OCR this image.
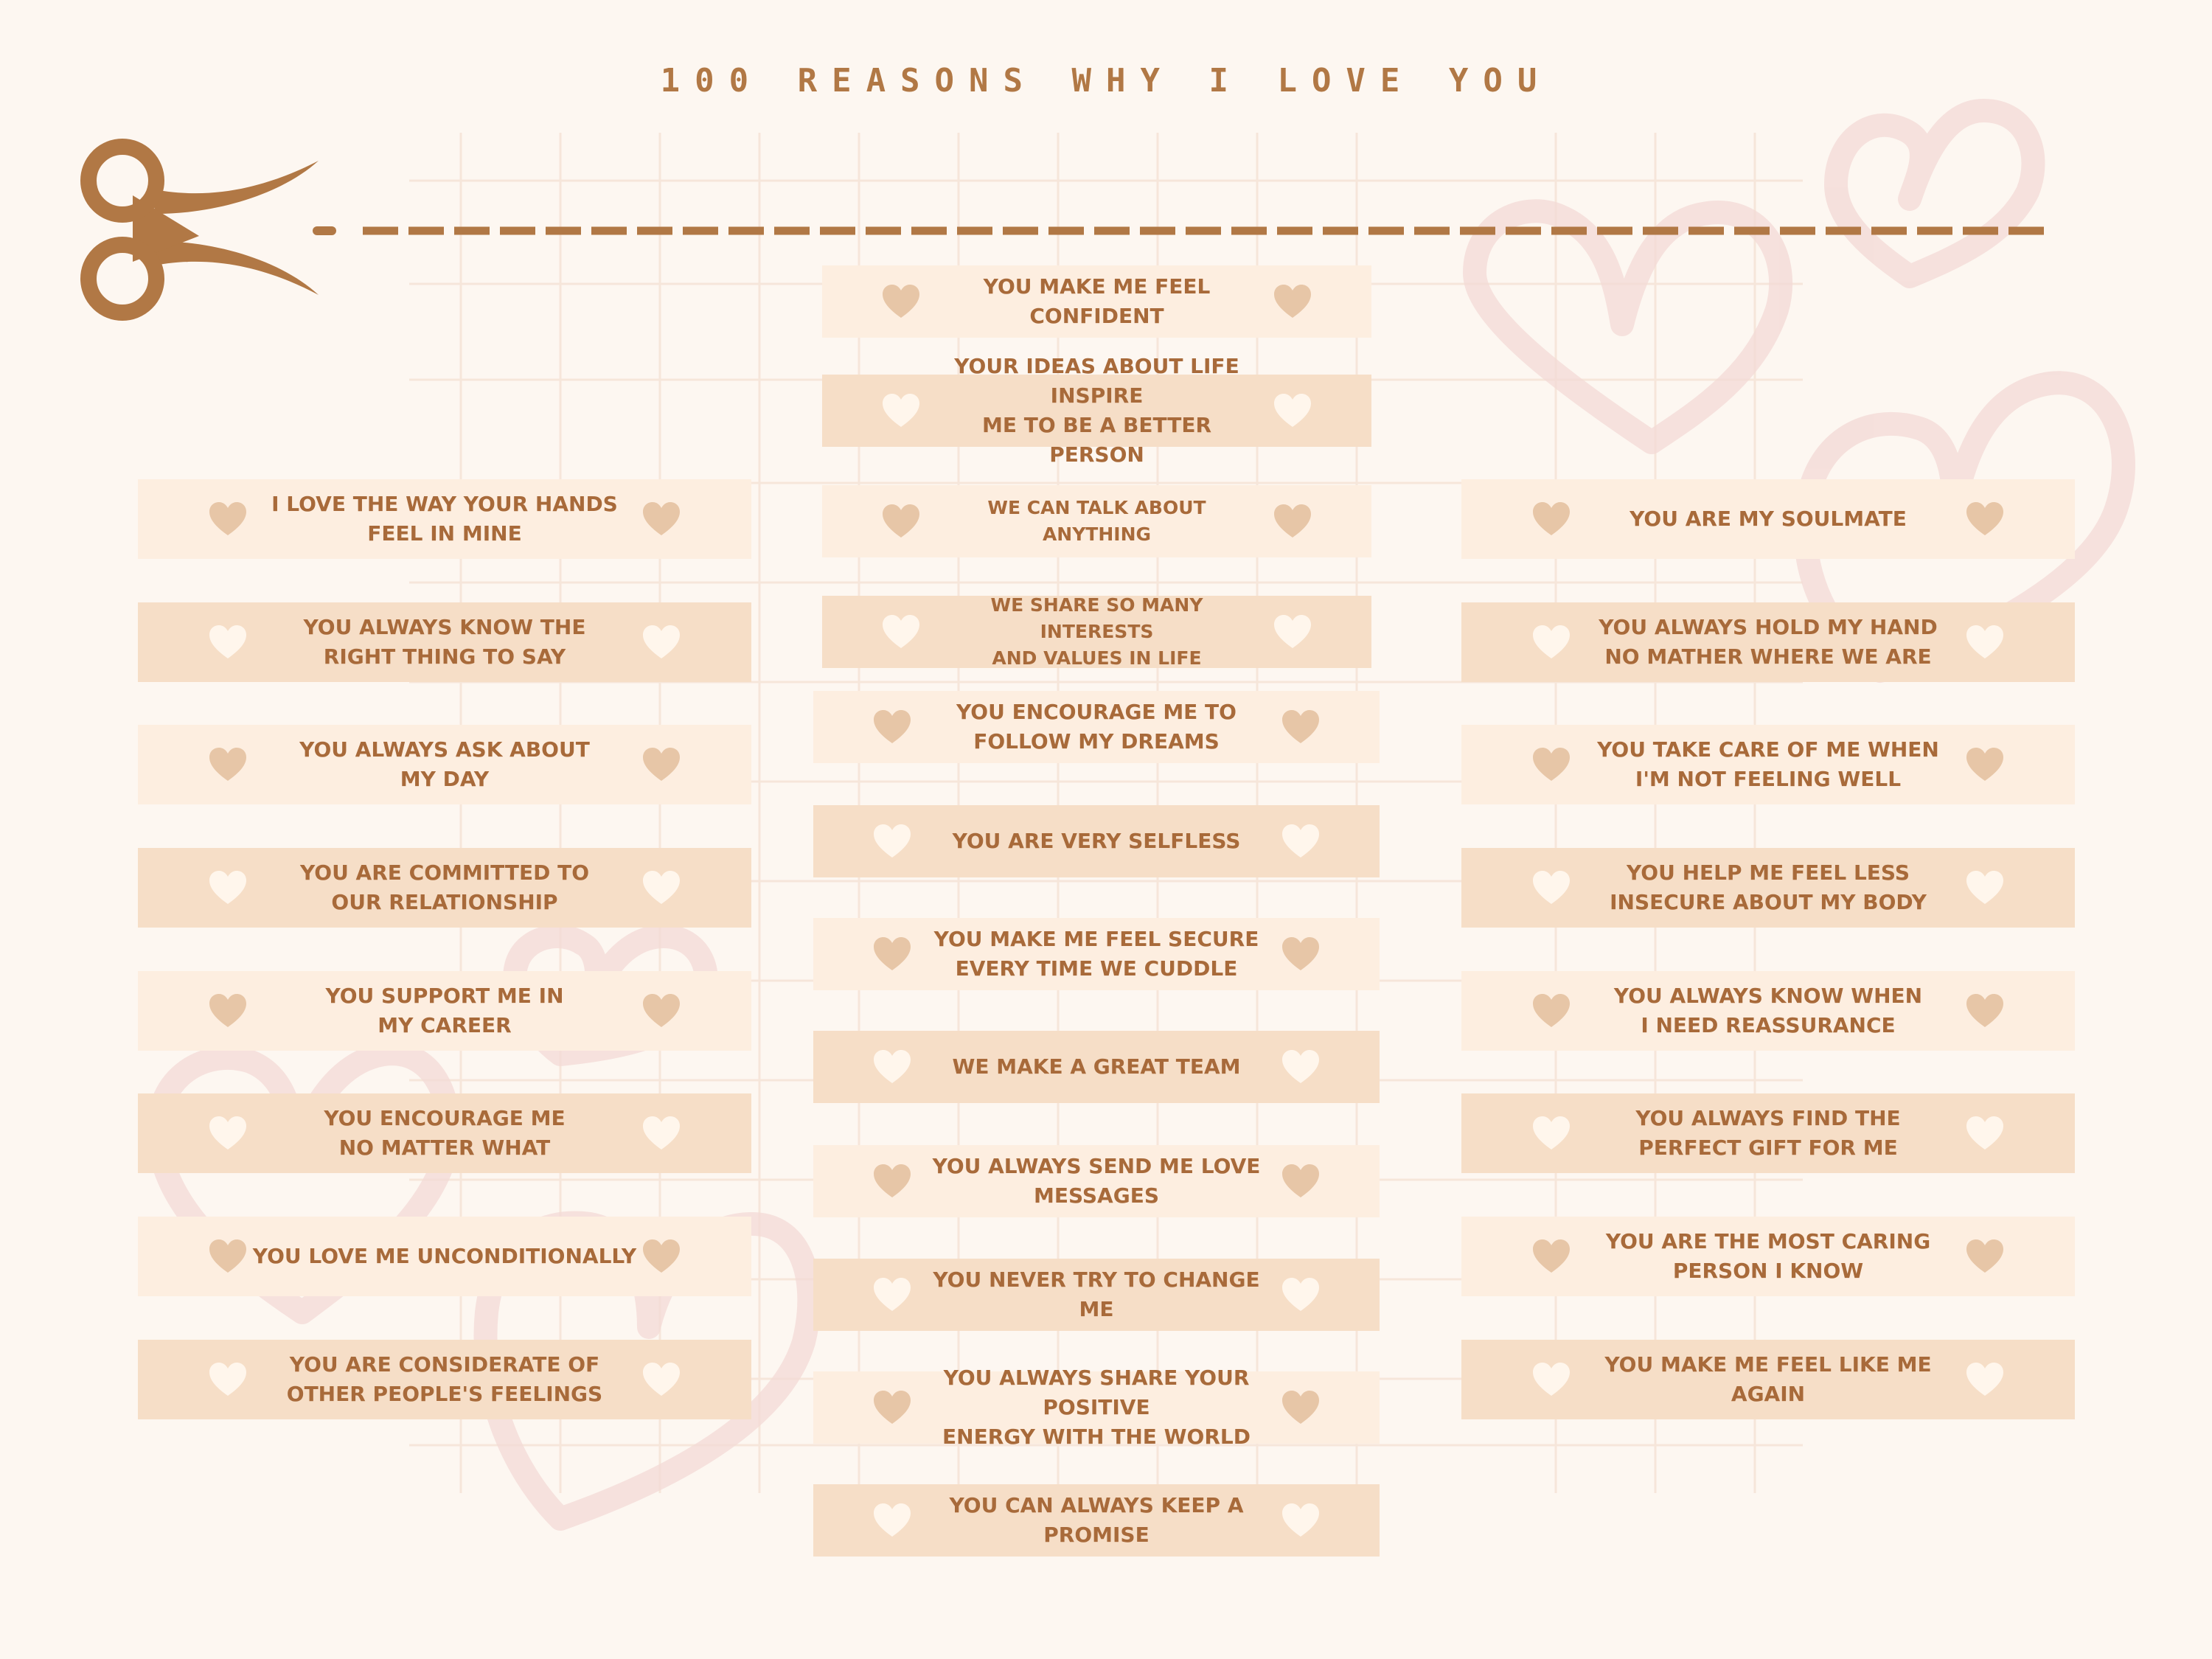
100 REASONS WHY I LOVE YOU
I LOVE THE WAY YOUR HANDS
FEEL IN MINE
YOU ALWAYS KNOW THE
RIGHT THING TO SAY
YOU ALWAYS ASK ABOUT
MY DAY
YOU ARE COMMITTED TO
OUR RELATIONSHIP
YOU SUPPORT ME IN
MY CAREER
YOU ENCOURAGE ME
NO MATTER WHAT
YOU LOVE ME UNCONDITIONALLY
YOU ARE CONSIDERATE OF
OTHER PEOPLE'S FEELINGS
YOU ARE MY SOULMATE
YOU ALWAYS HOLD MY HAND
NO MATHER WHERE WE ARE
YOU TAKE CARE OF ME WHEN
I'M NOT FEELING WELL
YOU HELP ME FEEL LESS
INSECURE ABOUT MY BODY
YOU ALWAYS KNOW WHEN
I NEED REASSURANCE
YOU ALWAYS FIND THE
PERFECT GIFT FOR ME
YOU ARE THE MOST CARING
PERSON I KNOW
YOU MAKE ME FEEL LIKE ME AGAIN
YOU MAKE ME FEEL CONFIDENT
YOUR IDEAS ABOUT LIFE INSPIRE
ME TO BE A BETTER PERSON
WE CAN TALK ABOUT ANYTHING
WE SHARE SO MANY INTERESTS
AND VALUES IN LIFE
YOU ENCOURAGE ME TO
FOLLOW MY DREAMS
YOU ARE VERY SELFLESS
YOU MAKE ME FEEL SECURE
EVERY TIME WE CUDDLE
WE MAKE A GREAT TEAM
YOU ALWAYS SEND ME LOVE
MESSAGES
YOU NEVER TRY TO CHANGE
ME
YOU ALWAYS SHARE YOUR POSITIVE
ENERGY WITH THE WORLD
YOU CAN ALWAYS KEEP A PROMISE
